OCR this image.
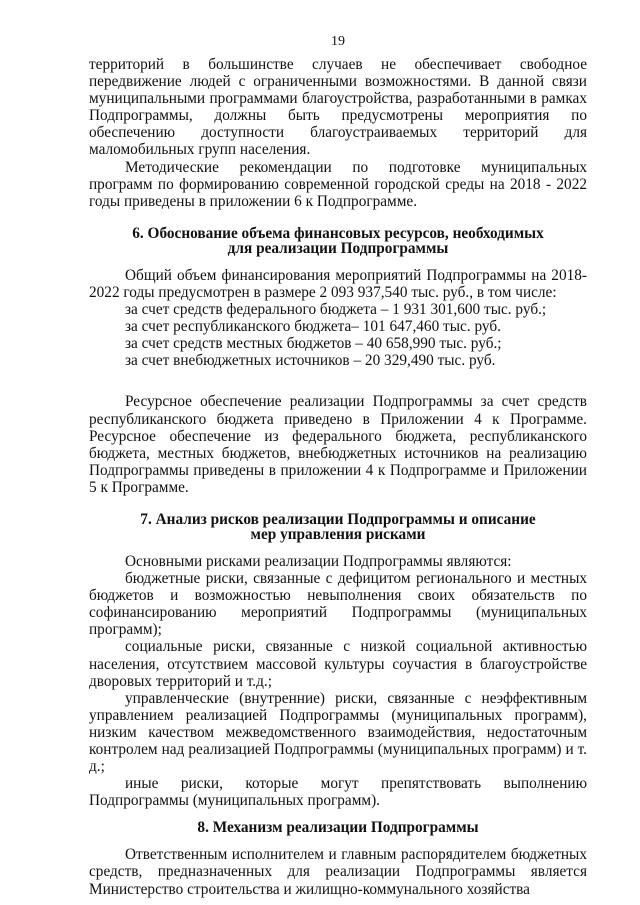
19

территорий в большинстве случаев не обеспечивает свободное передвижение людей с ограниченными возможностями. В данной связи муниципальными программами благоустройства, разработанными в рамках Подпрограммы, должны быть предусмотрены мероприятия по обеспечению доступности благоустраиваемых территорий для маломобильных групп населения.

Методические рекомендации по подготовке муниципальных программ по формированию современной городской среды на 2018 - 2022 годы приведены в приложении 6 к Подпрограмме.

6. Обоснование объема финансовых ресурсов, необходимых
для реализации Подпрограммы

Общий объем финансирования мероприятий Подпрограммы на 2018-2022 годы предусмотрен в размере 2 093 937,540 тыс. руб., в том числе:

за счет средств федерального бюджета – 1 931 301,600 тыс. руб.;

за счет республиканского бюджета– 101 647,460 тыс. руб.

за счет средств местных бюджетов – 40 658,990 тыс. руб.;

за счет внебюджетных источников – 20 329,490 тыс. руб.

Ресурсное обеспечение реализации Подпрограммы за счет средств республиканского бюджета приведено в Приложении 4 к Программе. Ресурсное обеспечение из федерального бюджета, республиканского бюджета, местных бюджетов, внебюджетных источников на реализацию Подпрограммы приведены в приложении 4 к Подпрограмме и Приложении 5 к Программе.

7. Анализ рисков реализации Подпрограммы и описание
мер управления рисками

Основными рисками реализации Подпрограммы являются:

бюджетные риски, связанные с дефицитом регионального и местных бюджетов и возможностью невыполнения своих обязательств по софинансированию мероприятий Подпрограммы (муниципальных программ);

социальные риски, связанные с низкой социальной активностью населения, отсутствием массовой культуры соучастия в благоустройстве дворовых территорий и т.д.;

управленческие (внутренние) риски, связанные с неэффективным управлением реализацией Подпрограммы (муниципальных программ), низким качеством межведомственного взаимодействия, недостаточным контролем над реализацией Подпрограммы (муниципальных программ) и т. д.;

иные риски, которые могут препятствовать выполнению Подпрограммы (муниципальных программ).

8. Механизм реализации Подпрограммы

Ответственным исполнителем и главным распорядителем бюджетных средств, предназначенных для реализации Подпрограммы является Министерство строительства и жилищно-коммунального хозяйства
